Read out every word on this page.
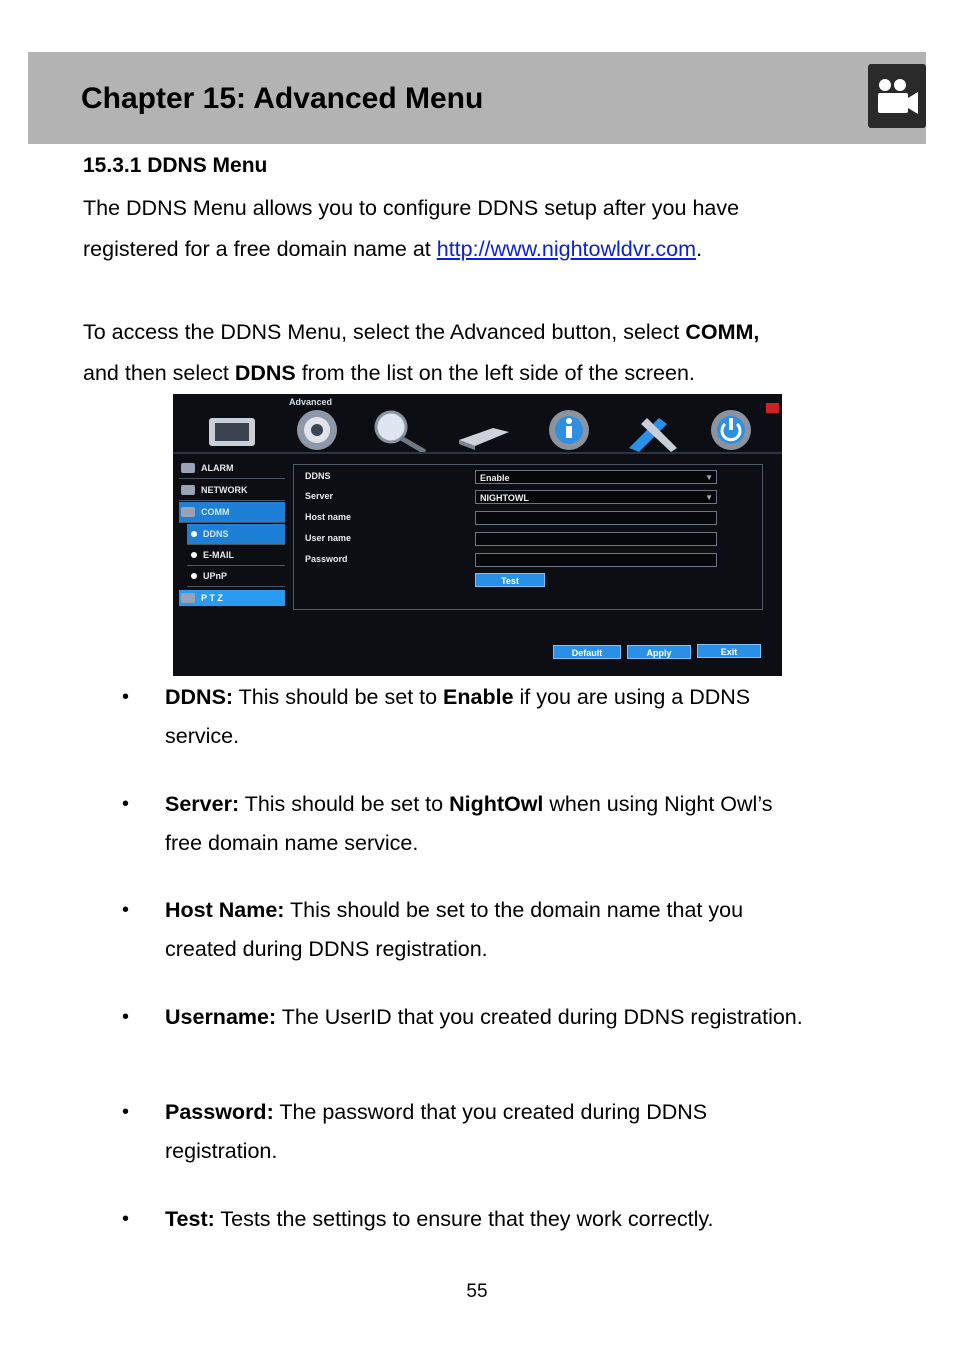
Chapter 15: Advanced Menu
15.3.1 DDNS Menu

The DDNS Menu allows you to configure DDNS setup after you have
registered for a free domain name at http://www.nightowldvr.com.

To access the DDNS Menu, select the Advanced button, select COMM,
and then select DDNS from the list on the left side of the screen.

Advanced
ALARM
NETWORK
COMM
DDNS
E-MAIL
UPnP
P T Z
DDNS	Enable	▼
Server	NIGHTOWL	▼
Host name
User name
Password
Test
Default	Apply	Exit
• DDNS: This should be set to Enable if you are using a DDNS
service.

• Server: This should be set to NightOwl when using Night Owl’s
free domain name service.

• Host Name: This should be set to the domain name that you
created during DDNS registration.

• Username: The UserID that you created during DDNS registration.

• Password: The password that you created during DDNS
registration.

• Test: Tests the settings to ensure that they work correctly.

55
